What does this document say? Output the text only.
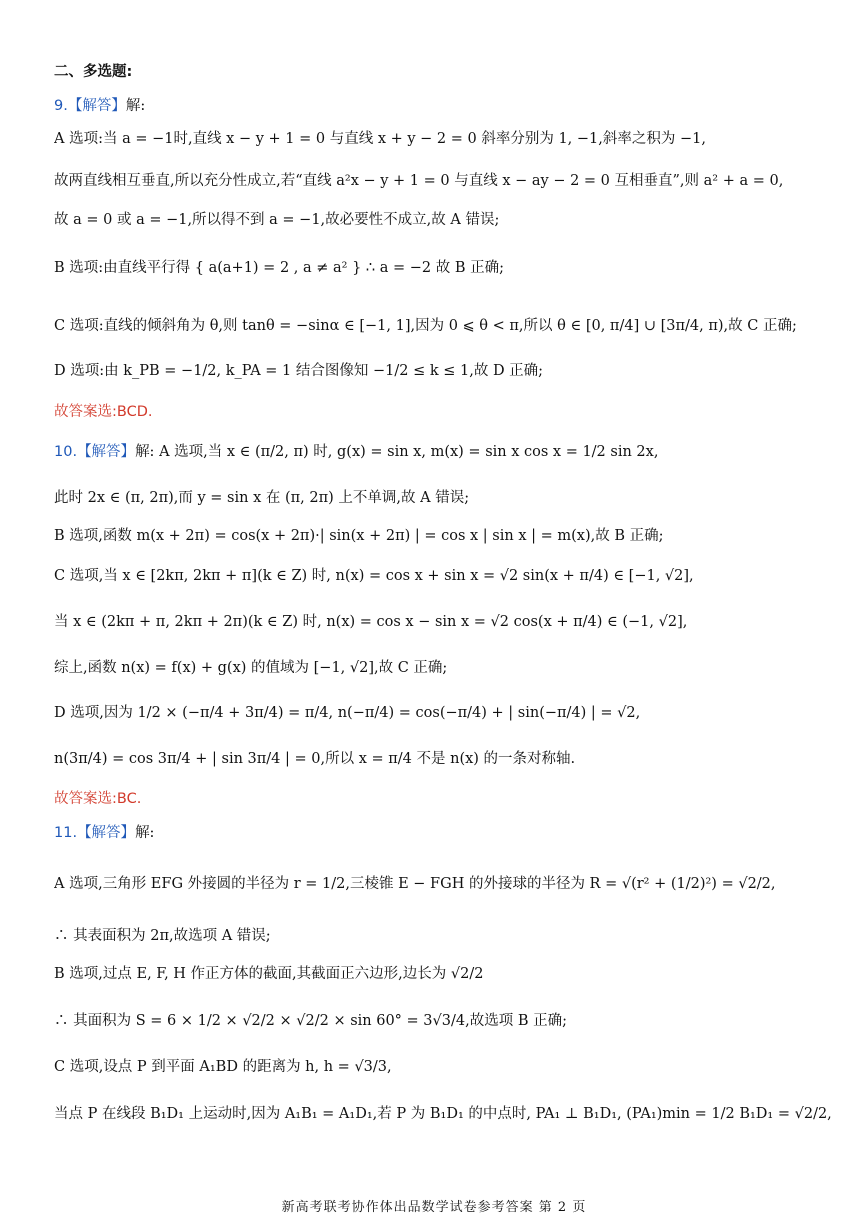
二、多选题:
9.【解答】解:
A 选项:当 a = −1时,直线 x − y + 1 = 0 与直线 x + y − 2 = 0 斜率分别为 1, −1,斜率之积为 −1,
故两直线相互垂直,所以充分性成立,若“直线 a²x − y + 1 = 0 与直线 x − ay − 2 = 0 互相垂直”,则 a² + a = 0,
故 a = 0 或 a = −1,所以得不到 a = −1,故必要性不成立,故 A 错误;
B 选项:由直线平行得 { a(a+1) = 2 , a ≠ a² } ∴ a = −2 故 B 正确;
C 选项:直线的倾斜角为 θ,则 tanθ = −sinα ∈ [−1, 1],因为 0 ⩽ θ < π,所以 θ ∈ [0, π/4] ∪ [3π/4, π),故 C 正确;
D 选项:由 k_PB = −1/2, k_PA = 1 结合图像知 −1/2 ≤ k ≤ 1,故 D 正确;
故答案选:BCD.
10.【解答】解: A 选项,当 x ∈ (π/2, π) 时, g(x) = sin x, m(x) = sin x cos x = 1/2 sin 2x,
此时 2x ∈ (π, 2π),而 y = sin x 在 (π, 2π) 上不单调,故 A 错误;
B 选项,函数 m(x + 2π) = cos(x + 2π)·| sin(x + 2π) | = cos x | sin x | = m(x),故 B 正确;
C 选项,当 x ∈ [2kπ, 2kπ + π](k ∈ Z) 时, n(x) = cos x + sin x = √2 sin(x + π/4) ∈ [−1, √2],
当 x ∈ (2kπ + π, 2kπ + 2π)(k ∈ Z) 时, n(x) = cos x − sin x = √2 cos(x + π/4) ∈ (−1, √2],
综上,函数 n(x) = f(x) + g(x) 的值域为 [−1, √2],故 C 正确;
D 选项,因为 1/2 × (−π/4 + 3π/4) = π/4, n(−π/4) = cos(−π/4) + | sin(−π/4) | = √2,
n(3π/4) = cos 3π/4 + | sin 3π/4 | = 0,所以 x = π/4 不是 n(x) 的一条对称轴.
故答案选:BC.
11.【解答】解:
A 选项,三角形 EFG 外接圆的半径为 r = 1/2,三棱锥 E − FGH 的外接球的半径为 R = √(r² + (1/2)²) = √2/2,
∴ 其表面积为 2π,故选项 A 错误;
B 选项,过点 E, F, H 作正方体的截面,其截面正六边形,边长为 √2/2
∴ 其面积为 S = 6 × 1/2 × √2/2 × √2/2 × sin 60° = 3√3/4,故选项 B 正确;
C 选项,设点 P 到平面 A₁BD 的距离为 h, h = √3/3,
当点 P 在线段 B₁D₁ 上运动时,因为 A₁B₁ = A₁D₁,若 P 为 B₁D₁ 的中点时, PA₁ ⊥ B₁D₁, (PA₁)min = 1/2 B₁D₁ = √2/2,
新高考联考协作体出品数学试卷参考答案 第 2 页
